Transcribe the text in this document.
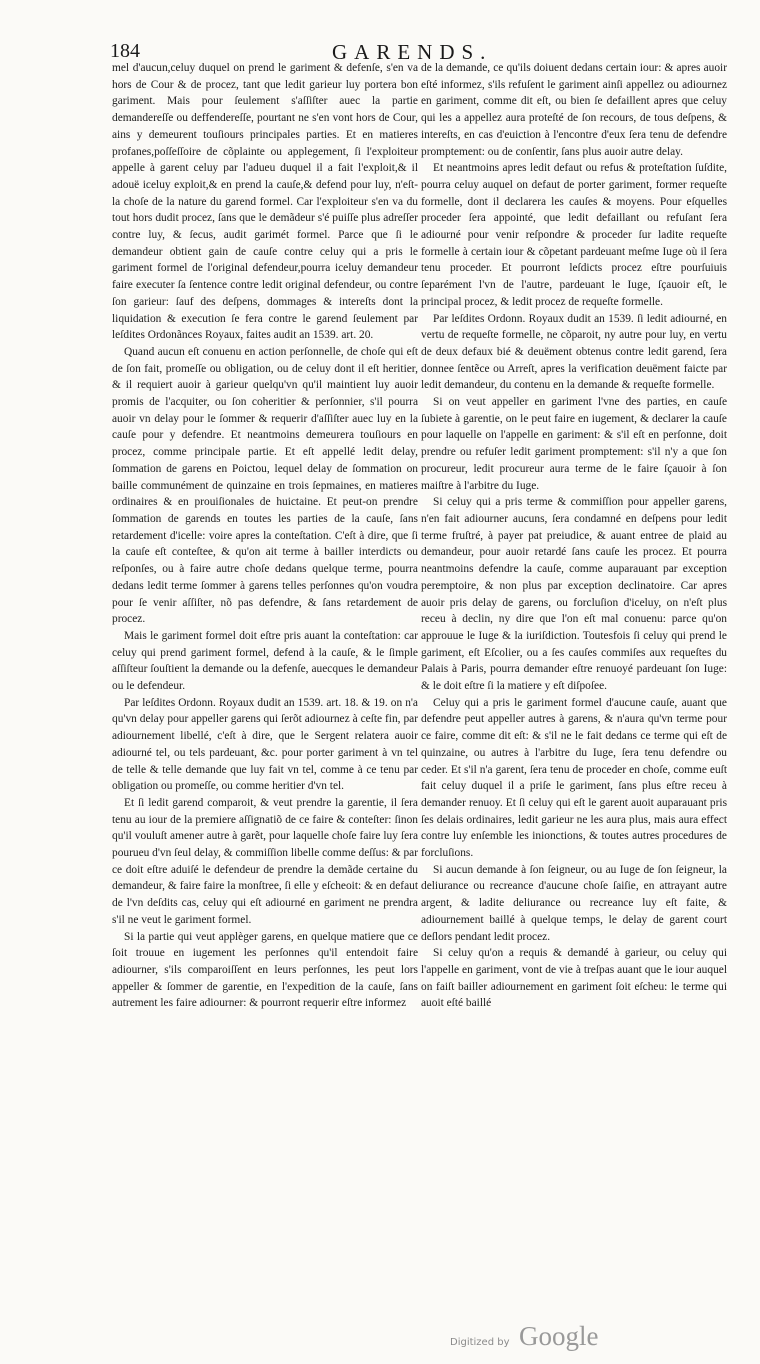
184	GARENDS.

mel d'aucun,celuy duquel on prend le gariment & defenſe, s'en va hors de Cour & de procez, tant que ledit garieur luy portera bon gariment. Mais pour ſeulement s'aſſiſter auec la partie demandereſſe ou deffendereſſe, pourtant ne s'en vont hors de Cour, ains y demeurent touſiours principales parties. Et en matieres profanes,poſſeſſoire de cõplainte ou applegement, ſi l'exploiteur appelle à garent celuy par l'adueu duquel il a fait l'exploit,& il adouë iceluy exploit,& en prend la cauſe,& defend pour luy, n'eſt-la choſe de la nature du garend formel. Car l'exploiteur s'en va du tout hors dudit procez, ſans que le demãdeur s'é puiſſe plus adreſſer contre luy, & ſecus, audit garimét formel. Parce que ſi le demandeur obtient gain de cauſe contre celuy qui a pris le gariment formel de l'original defendeur,pourra iceluy demandeur faire executer ſa ſentence contre ledit original defendeur, ou contre ſon garieur: ſauf des deſpens, dommages & intereſts dont la liquidation & execution ſe fera contre le garend ſeulement par leſdites Ordonãnces Royaux, faites audit an 1539. art. 20.

Quand aucun eſt conuenu en action perſonnelle, de choſe qui eſt de ſon fait, promeſſe ou obligation, ou de celuy dont il eſt heritier, & il requiert auoir à garieur quelqu'vn qu'il maintient luy auoir promis de l'acquiter, ou ſon coheritier & perſonnier, s'il pourra auoir vn delay pour le ſommer & requerir d'aſſiſter auec luy en la cauſe pour y defendre. Et neantmoins demeurera touſiours en procez, comme principale partie. Et eſt appellé ledit delay, ſommation de garens en Poictou, lequel delay de ſommation on baille communément de quinzaine en trois ſepmaines, en matieres ordinaires & en prouiſionales de huictaine. Et peut-on prendre ſommation de garends en toutes les parties de la cauſe, ſans retardement d'icelle: voire apres la conteſtation. C'eſt à dire, que ſi la cauſe eſt conteſtee, & qu'on ait terme à bailler interdicts ou reſponſes, ou à faire autre choſe dedans quelque terme, pourra dedans ledit terme ſommer à garens telles perſonnes qu'on voudra pour ſe venir aſſiſter, nõ pas defendre, & ſans retardement de procez.

Mais le gariment formel doit eſtre pris auant la conteſtation: car celuy qui prend gariment formel, defend à la cauſe, & le ſimple aſſiſteur ſouſtient la demande ou la defenſe, auecques le demandeur ou le defendeur.

Par leſdites Ordonn. Royaux dudit an 1539. art. 18. & 19. on n'a qu'vn delay pour appeller garens qui ſerõt adiournez à ceſte fin, par adiournement libellé, c'eſt à dire, que le Sergent relatera auoir adiourné tel, ou tels pardeuant, &c. pour porter gariment à vn tel de telle & telle demande que luy fait vn tel, comme à ce tenu par obligation ou promeſſe, ou comme heritier d'vn tel.

Et ſi ledit garend comparoit, & veut prendre la garentie, il ſera tenu au iour de la premiere aſſignatiõ de ce faire & conteſter: ſinon qu'il vouluſt amener autre à garẽt, pour laquelle choſe faire luy ſera pourueu d'vn ſeul delay, & commiſſion libelle comme deſſus: & par ce doit eſtre aduiſé le defendeur de prendre la demãde certaine du demandeur, & faire faire la monſtree, ſi elle y eſcheoit: & en defaut de l'vn deſdits cas, celuy qui eſt adiourné en gariment ne prendra s'il ne veut le gariment formel.

Si la partie qui veut applèger garens, en quelque matiere que ce ſoit trouue en iugement les perſonnes qu'il entendoit faire adiourner, s'ils comparoiſſent en leurs perſonnes, les peut lors appeller & ſommer de garentie, en l'expedition de la cauſe, ſans autrement les faire adiourner: & pourront requerir eſtre informez

de la demande, ce qu'ils doiuent dedans certain iour: & apres auoir eſté informez, s'ils refuſent le gariment ainſi appellez ou adiournez en gariment, comme dit eſt, ou bien ſe defaillent apres que celuy qui les a appellez aura proteſté de ſon recours, de tous deſpens, & intereſts, en cas d'euiction à l'encontre d'eux ſera tenu de defendre promptement: ou de conſentir, ſans plus auoir autre delay.

Et neantmoins apres ledit defaut ou refus & proteſtation ſuſdite, pourra celuy auquel on defaut de porter gariment, former requeſte formelle, dont il declarera les cauſes & moyens. Pour eſquelles proceder ſera appointé, que ledit defaillant ou refuſant ſera adiourné pour venir reſpondre & proceder ſur ladite requeſte formelle à certain iour & cõpetant pardeuant meſme Iuge où il ſera tenu proceder. Et pourront leſdicts procez eſtre pourſuiuis ſeparément l'vn de l'autre, pardeuant le Iuge, ſçauoir eſt, le principal procez, & ledit procez de requeſte formelle.

Par leſdites Ordonn. Royaux dudit an 1539. ſi ledit adiourné, en vertu de requeſte formelle, ne cõparoit, ny autre pour luy, en vertu de deux defaux bié & deuëment obtenus contre ledit garend, ſera donnee ſentẽce ou Arreſt, apres la verification deuëment faicte par ledit demandeur, du contenu en la demande & requeſte formelle.

Si on veut appeller en gariment l'vne des parties, en cauſe ſubiete à garentie, on le peut faire en iugement, & declarer la cauſe pour laquelle on l'appelle en gariment: & s'il eſt en perſonne, doit prendre ou refuſer ledit gariment promptement: s'il n'y a que ſon procureur, ledit procureur aura terme de le faire ſçauoir à ſon maiſtre à l'arbitre du Iuge.

Si celuy qui a pris terme & commiſſion pour appeller garens, n'en fait adiourner aucuns, ſera condamné en deſpens pour ledit terme fruſtré, à payer pat preiudice, & auant entree de plaid au demandeur, pour auoir retardé ſans cauſe les procez. Et pourra neantmoins defendre la cauſe, comme auparauant par exception peremptoire, & non plus par exception declinatoire. Car apres auoir pris delay de garens, ou forcluſion d'iceluy, on n'eſt plus receu à declin, ny dire que l'on eſt mal conuenu: parce qu'on approuue le Iuge & la iuriſdiction. Toutesfois ſi celuy qui prend le gariment, eſt Eſcolier, ou a ſes cauſes commiſes aux requeſtes du Palais à Paris, pourra demander eſtre renuoyé pardeuant ſon Iuge: & le doit eſtre ſi la matiere y eſt diſpoſee.

Celuy qui a pris le gariment formel d'aucune cauſe, auant que defendre peut appeller autres à garens, & n'aura qu'vn terme pour ce faire, comme dit eſt: & s'il ne le fait dedans ce terme qui eſt de quinzaine, ou autres à l'arbitre du Iuge, ſera tenu defendre ou ceder. Et s'il n'a garent, ſera tenu de proceder en choſe, comme euſt fait celuy duquel il a priſe le gariment, ſans plus eſtre receu à demander renuoy. Et ſi celuy qui eſt le garent auoit auparauant pris ſes delais ordinaires, ledit garieur ne les aura plus, mais aura effect contre luy enſemble les inionctions, & toutes autres procedures de forcluſions.

Si aucun demande à ſon ſeigneur, ou au Iuge de ſon ſeigneur, la deliurance ou recreance d'aucune choſe ſaiſie, en attrayant autre argent, & ladite deliurance ou recreance luy eſt faite, & adiournement baillé à quelque temps, le delay de garent court deſlors pendant ledit procez.

Si celuy qu'on a requis & demandé à garieur, ou celuy qui l'appelle en gariment, vont de vie à treſpas auant que le iour auquel on faiſt bailler adiournement en gariment ſoit eſcheu: le terme qui auoit eſté baillé

Digitized by Google
